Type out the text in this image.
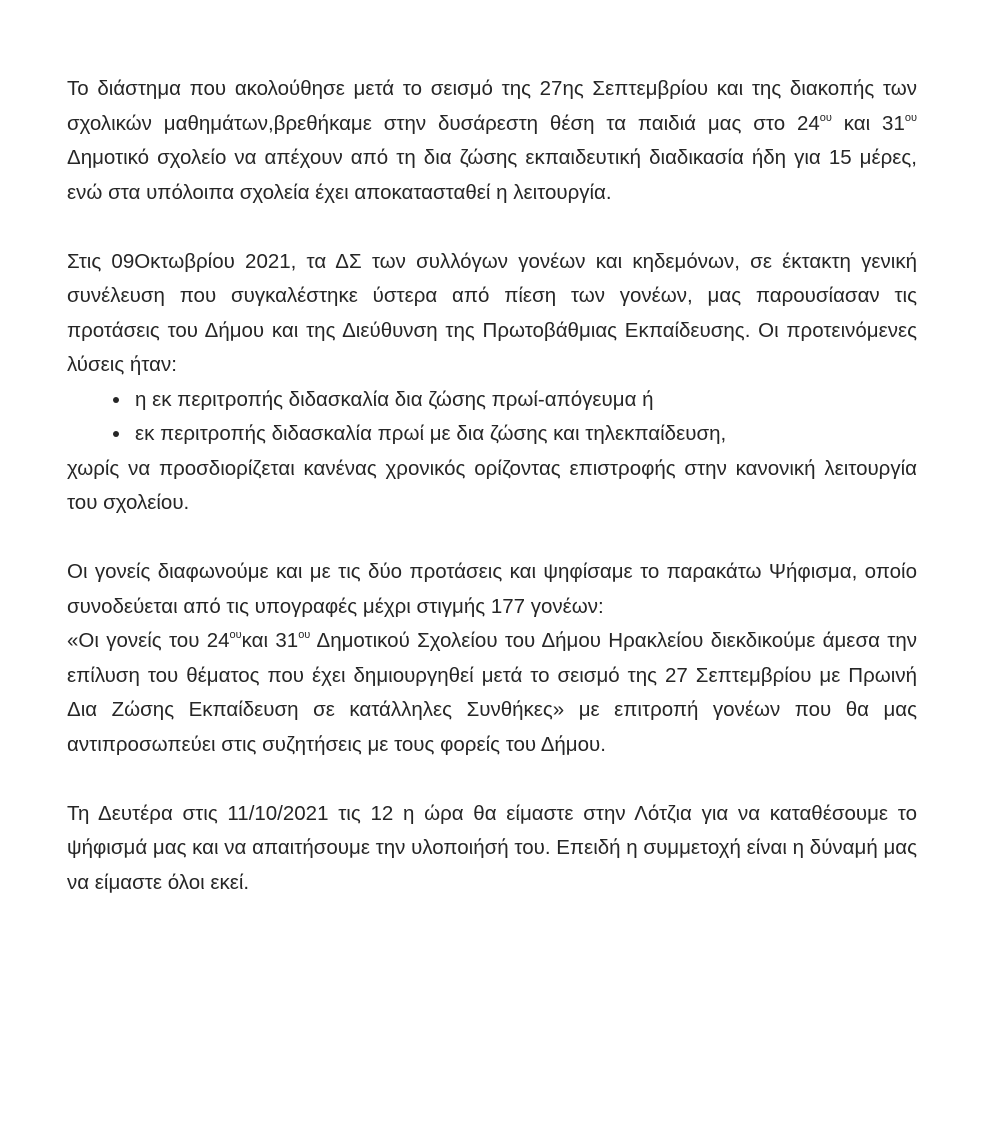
Το διάστημα που ακολούθησε μετά το σεισμό της 27ης Σεπτεμβρίου και της διακοπής των σχολικών μαθημάτων,βρεθήκαμε στην δυσάρεστη θέση τα παιδιά μας στο $24^{o\upsilon}$ και $31^{o\upsilon}$ Δημοτικό σχολείο να απέχουν από τη δια ζώσης εκπαιδευτική διαδικασία ήδη για 15 μέρες, ενώ στα υπόλοιπα σχολεία έχει αποκατασταθεί η λειτουργία.

Στις 09Οκτωβρίου 2021, τα ΔΣ των συλλόγων γονέων και κηδεμόνων, σε έκτακτη γενική συνέλευση που συγκαλέστηκε ύστερα από πίεση των γονέων, μας παρουσίασαν τις προτάσεις του Δήμου και της Διεύθυνση της Πρωτοβάθμιας Εκπαίδευσης. Οι προτεινόμενες λύσεις ήταν:

η εκ περιτροπής διδασκαλία δια ζώσης πρωί-απόγευμα ή
εκ περιτροπής διδασκαλία πρωί με δια ζώσης και τηλεκπαίδευση,

χωρίς να προσδιορίζεται κανένας χρονικός ορίζοντας επιστροφής στην κανονική λειτουργία του σχολείου.

Οι γονείς διαφωνούμε και με τις δύο προτάσεις και ψηφίσαμε το παρακάτω Ψήφισμα, οποίο συνοδεύεται από τις υπογραφές μέχρι στιγμής 177 γονέων:

«Οι γονείς του $24^{o\upsilon}\kappa\alpha\iota$ $31^{o\upsilon}$ Δημοτικού Σχολείου του Δήμου Ηρακλείου διεκδικούμε άμεσα την επίλυση του θέματος που έχει δημιουργηθεί μετά το σεισμό της 27 Σεπτεμβρίου με Πρωινή Δια Ζώσης Εκπαίδευση σε κατάλληλες Συνθήκες» με επιτροπή γονέων που θα μας αντιπροσωπεύει στις συζητήσεις με τους φορείς του Δήμου.

Τη Δευτέρα στις 11/10/2021 τις 12 η ώρα θα είμαστε στην Λότζια για να καταθέσουμε το ψήφισμά μας και να απαιτήσουμε την υλοποιήσή του. Επειδή η συμμετοχή είναι η δύναμή μας να είμαστε όλοι εκεί.
